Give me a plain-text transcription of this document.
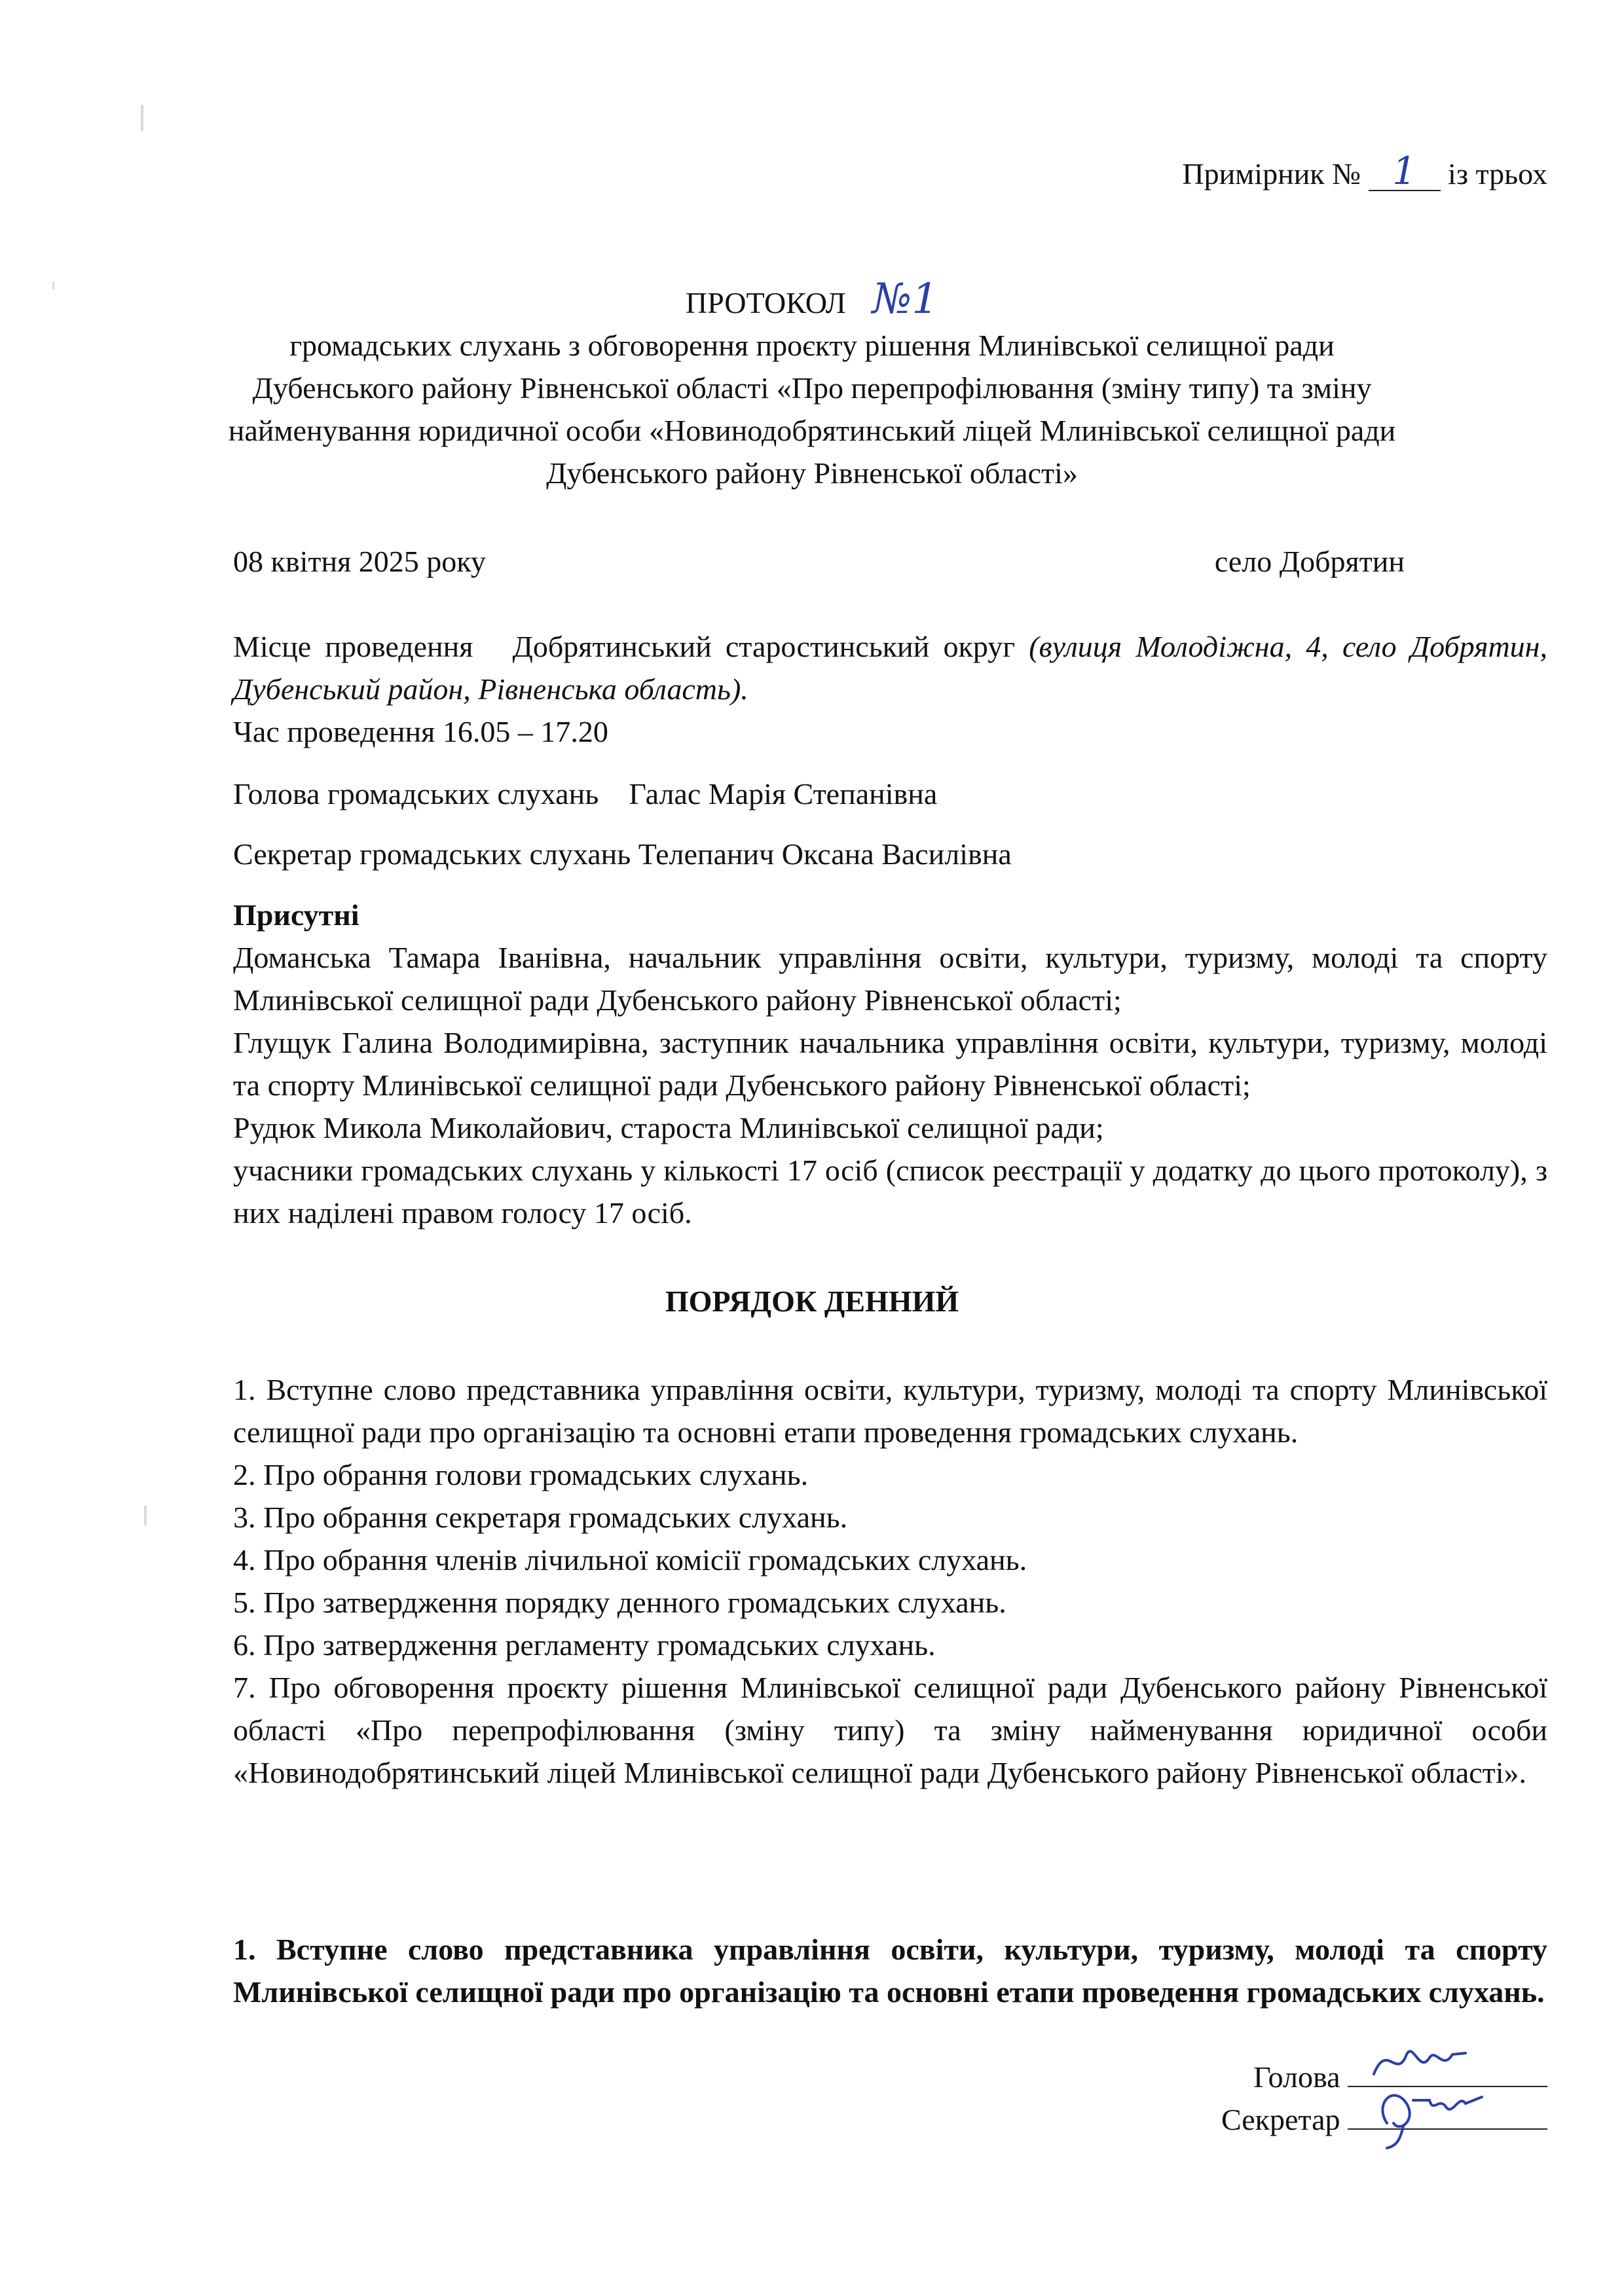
Примірник № 1 із трьох
ПРОТОКОЛ №1
громадських слухань з обговорення проєкту рішення Млинівської селищної ради
Дубенського району Рівненської області «Про перепрофілювання (зміну типу) та зміну
найменування юридичної особи «Новинодобрятинський ліцей Млинівської селищної ради
Дубенського району Рівненської області»
08 квітня 2025 року	село Добрятин
Місце проведення Добрятинський старостинський округ (вулиця Молодіжна, 4, село Добрятин, Дубенський район, Рівненська область).
Час проведення 16.05 – 17.20
Голова громадських слухань Галас Марія Степанівна
Секретар громадських слухань Телепанич Оксана Василівна
Присутні
Доманська Тамара Іванівна, начальник управління освіти, культури, туризму, молоді та спорту Млинівської селищної ради Дубенського району Рівненської області;
Глущук Галина Володимирівна, заступник начальника управління освіти, культури, туризму, молоді та спорту Млинівської селищної ради Дубенського району Рівненської області;
Рудюк Микола Миколайович, староста Млинівської селищної ради;
учасники громадських слухань у кількості 17 осіб (список реєстрації у додатку до цього протоколу), з них наділені правом голосу 17 осіб.
ПОРЯДОК ДЕННИЙ
1. Вступне слово представника управління освіти, культури, туризму, молоді та спорту Млинівської селищної ради про організацію та основні етапи проведення громадських слухань.
2. Про обрання голови громадських слухань.
3. Про обрання секретаря громадських слухань.
4. Про обрання членів лічильної комісії громадських слухань.
5. Про затвердження порядку денного громадських слухань.
6. Про затвердження регламенту громадських слухань.
7. Про обговорення проєкту рішення Млинівської селищної ради Дубенського району Рівненської області «Про перепрофілювання (зміну типу) та зміну найменування юридичної особи «Новинодобрятинський ліцей Млинівської селищної ради Дубенського району Рівненської області».
1. Вступне слово представника управління освіти, культури, туризму, молоді та спорту Млинівської селищної ради про організацію та основні етапи проведення громадських слухань.
Голова
Секретар
